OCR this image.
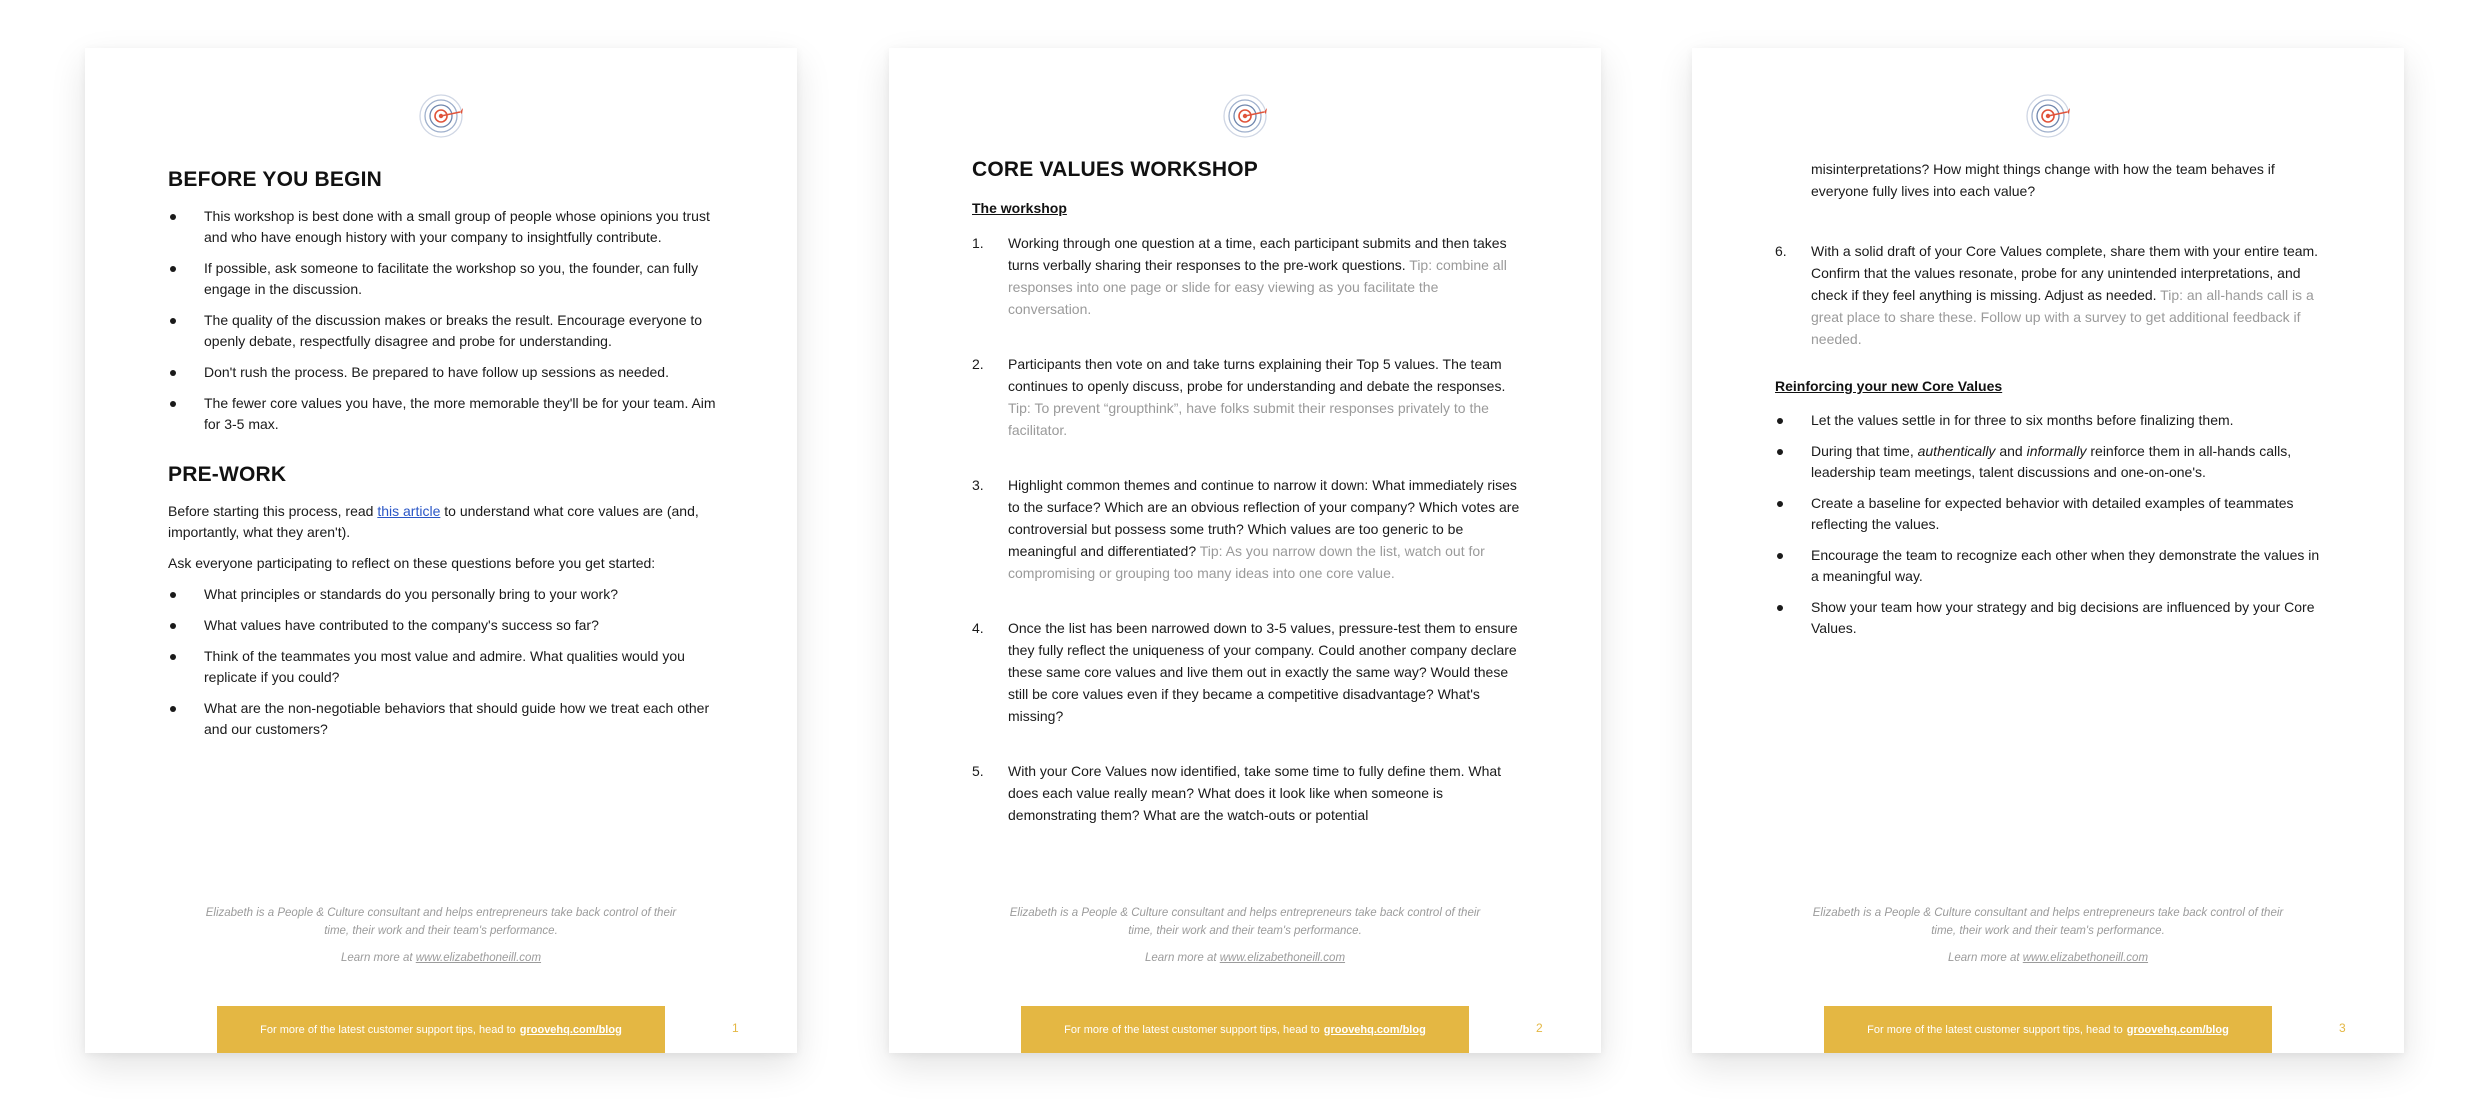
BEFORE YOU BEGIN
This workshop is best done with a small group of people whose opinions you trust and who have enough history with your company to insightfully contribute.
If possible, ask someone to facilitate the workshop so you, the founder, can fully engage in the discussion.
The quality of the discussion makes or breaks the result. Encourage everyone to openly debate, respectfully disagree and probe for understanding.
Don't rush the process. Be prepared to have follow up sessions as needed.
The fewer core values you have, the more memorable they'll be for your team. Aim for 3-5 max.
PRE-WORK

Before starting this process, read this article to understand what core values are (and, importantly, what they aren't).

Ask everyone participating to reflect on these questions before you get started:

What principles or standards do you personally bring to your work?
What values have contributed to the company's success so far?
Think of the teammates you most value and admire. What qualities would you replicate if you could?
What are the non-negotiable behaviors that should guide how we treat each other and our customers?
Elizabeth is a People & Culture consultant and helps entrepreneurs take back control of their time, their work and their team's performance.
Learn more at www.elizabethoneill.com
For more of the latest customer support tips, head to groovehq.com/blog	1
CORE VALUES WORKSHOP
The workshop
1. Working through one question at a time, each participant submits and then takes turns verbally sharing their responses to the pre-work questions. Tip: combine all responses into one page or slide for easy viewing as you facilitate the conversation.
2. Participants then vote on and take turns explaining their Top 5 values. The team continues to openly discuss, probe for understanding and debate the responses. Tip: To prevent “groupthink”, have folks submit their responses privately to the facilitator.
3. Highlight common themes and continue to narrow it down: What immediately rises to the surface? Which are an obvious reflection of your company? Which votes are controversial but possess some truth? Which values are too generic to be meaningful and differentiated? Tip: As you narrow down the list, watch out for compromising or grouping too many ideas into one core value.
4. Once the list has been narrowed down to 3-5 values, pressure-test them to ensure they fully reflect the uniqueness of your company. Could another company declare these same core values and live them out in exactly the same way? Would these still be core values even if they became a competitive disadvantage? What's missing?
5. With your Core Values now identified, take some time to fully define them. What does each value really mean? What does it look like when someone is demonstrating them? What are the watch-outs or potential
Elizabeth is a People & Culture consultant and helps entrepreneurs take back control of their time, their work and their team's performance.
Learn more at www.elizabethoneill.com
For more of the latest customer support tips, head to groovehq.com/blog	2

misinterpretations? How might things change with how the team behaves if everyone fully lives into each value?

6. With a solid draft of your Core Values complete, share them with your entire team. Confirm that the values resonate, probe for any unintended interpretations, and check if they feel anything is missing. Adjust as needed. Tip: an all-hands call is a great place to share these. Follow up with a survey to get additional feedback if needed.
Reinforcing your new Core Values
Let the values settle in for three to six months before finalizing them.
During that time, authentically and informally reinforce them in all-hands calls, leadership team meetings, talent discussions and one-on-one's.
Create a baseline for expected behavior with detailed examples of teammates reflecting the values.
Encourage the team to recognize each other when they demonstrate the values in a meaningful way.
Show your team how your strategy and big decisions are influenced by your Core Values.
Elizabeth is a People & Culture consultant and helps entrepreneurs take back control of their time, their work and their team's performance.
Learn more at www.elizabethoneill.com
For more of the latest customer support tips, head to groovehq.com/blog	3
